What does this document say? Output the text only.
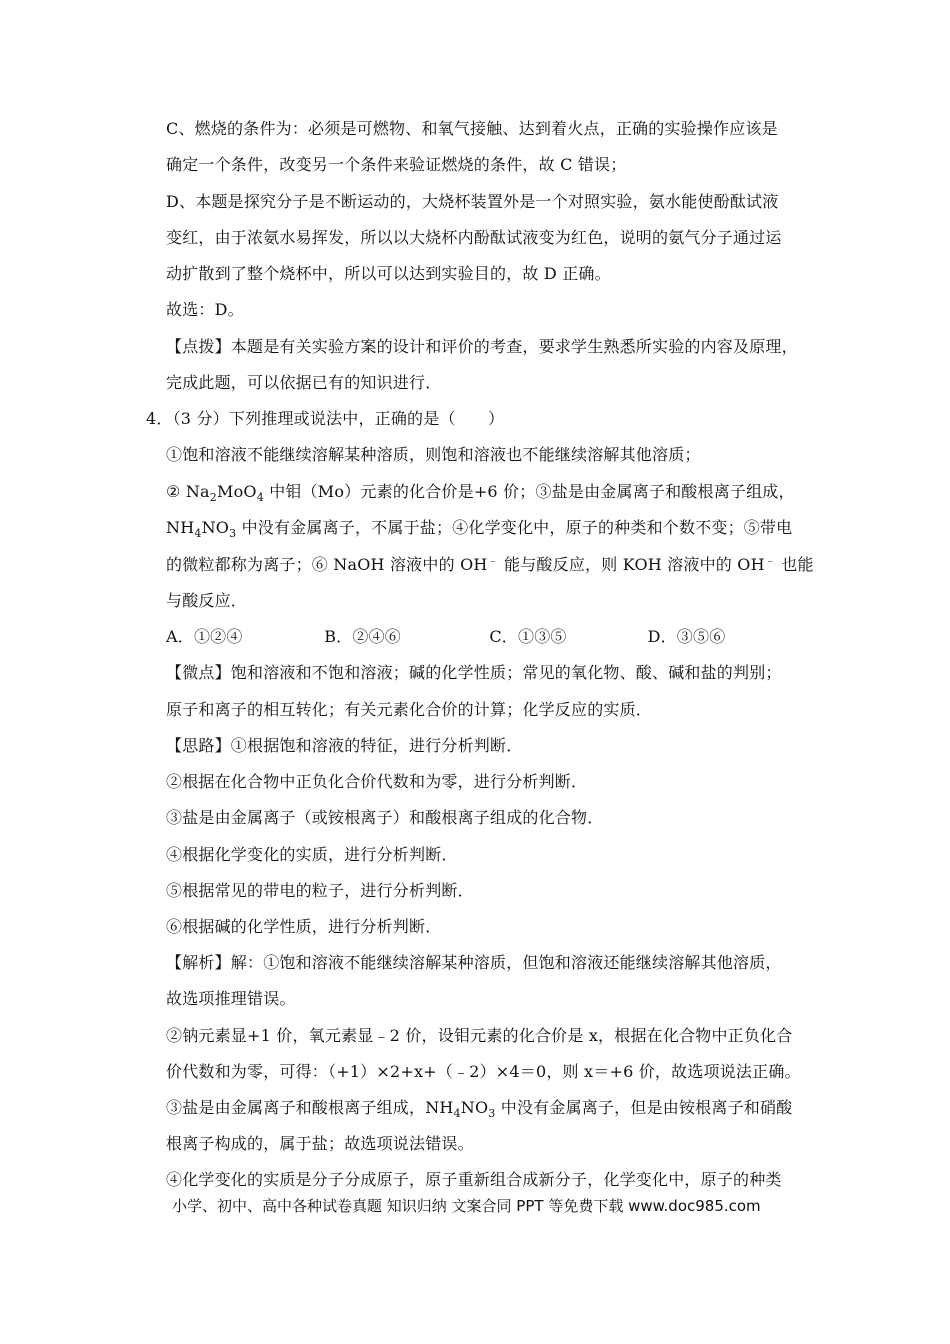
C、燃烧的条件为：必须是可燃物、和氧气接触、达到着火点，正确的实验操作应该是
确定一个条件，改变另一个条件来验证燃烧的条件，故 C 错误；
D、本题是探究分子是不断运动的，大烧杯装置外是一个对照实验，氨水能使酚酞试液
变红，由于浓氨水易挥发，所以以大烧杯内酚酞试液变为红色，说明的氨气分子通过运
动扩散到了整个烧杯中，所以可以达到实验目的，故 D 正确。
故选：D。
【点拨】本题是有关实验方案的设计和评价的考查，要求学生熟悉所实验的内容及原理，
完成此题，可以依据已有的知识进行．
4．（3 分）下列推理或说法中，正确的是（　　）
①饱和溶液不能继续溶解某种溶质，则饱和溶液也不能继续溶解其他溶质；
② $Na_2MoO_4$ 中钼（Mo）元素的化合价是+6 价；③盐是由金属离子和酸根离子组成，
$NH_4NO_3$ 中没有金属离子，不属于盐；④化学变化中，原子的种类和个数不变；⑤带电
的微粒都称为离子；⑥ NaOH 溶液中的 OH﹣ 能与酸反应，则 KOH 溶液中的 OH﹣ 也能
与酸反应．
A．①②④	B．②④⑥	C．①③⑤	D．③⑤⑥
【微点】饱和溶液和不饱和溶液；碱的化学性质；常见的氧化物、酸、碱和盐的判别；
原子和离子的相互转化；有关元素化合价的计算；化学反应的实质．
【思路】①根据饱和溶液的特征，进行分析判断．
②根据在化合物中正负化合价代数和为零，进行分析判断．
③盐是由金属离子（或铵根离子）和酸根离子组成的化合物．
④根据化学变化的实质，进行分析判断．
⑤根据常见的带电的粒子，进行分析判断．
⑥根据碱的化学性质，进行分析判断．
【解析】解：①饱和溶液不能继续溶解某种溶质，但饱和溶液还能继续溶解其他溶质，
故选项推理错误。
②钠元素显+1 价，氧元素显﹣2 价，设钼元素的化合价是 x，根据在化合物中正负化合
价代数和为零，可得：（+1）×2+x+（﹣2）×4＝0，则 x＝+6 价，故选项说法正确。
③盐是由金属离子和酸根离子组成，$NH_4NO_3$ 中没有金属离子，但是由铵根离子和硝酸
根离子构成的，属于盐；故选项说法错误。
④化学变化的实质是分子分成原子，原子重新组合成新分子，化学变化中，原子的种类
小学、初中、高中各种试卷真题 知识归纳 文案合同 PPT 等免费下载 www.doc985.com
